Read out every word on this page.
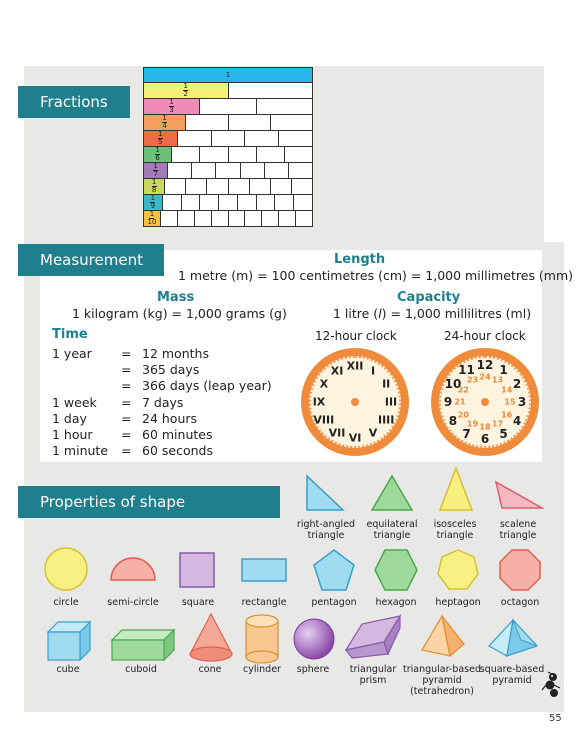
Fractions
1
$\frac{1}{2}$
$\frac{1}{3}$
$\frac{1}{4}$
$\frac{1}{5}$
$\frac{1}{6}$
$\frac{1}{7}$
$\frac{1}{8}$
$\frac{1}{9}$
$\frac{1}{10}$
Measurement	Length
1 metre (m) = 100 centimetres (cm) = 1,000 millimetres (mm)
Mass
1 kilogram (kg) = 1,000 grams (g)
Capacity
1 litre (l) = 1,000 millilitres (ml)
Time
1 year = 12 months
= 365 days
= 366 days (leap year)
1 week = 7 days
1 day	= 24 hours
1 hour = 60 minutes
1 minute = 60 seconds
12-hour clock	24-hour clock
XII I
II
III
IIII
V
VI
VII
VIII
IX
X
XI	12 1
2
3
4
5
6
7
8
9
10
11
24 13
14
15
16
17
18
19
20
21
22
23
Properties of shape
right-angled
triangle
equilateral
triangle
isosceles
triangle
scalene
triangle
circle	semi-circle square	rectangle	pentagon hexagon heptagon octagon
cube	cuboid	cone cylinder sphere triangular
prism
triangular-based
pyramid
(tetrahedron)
square-based
pyramid
55
